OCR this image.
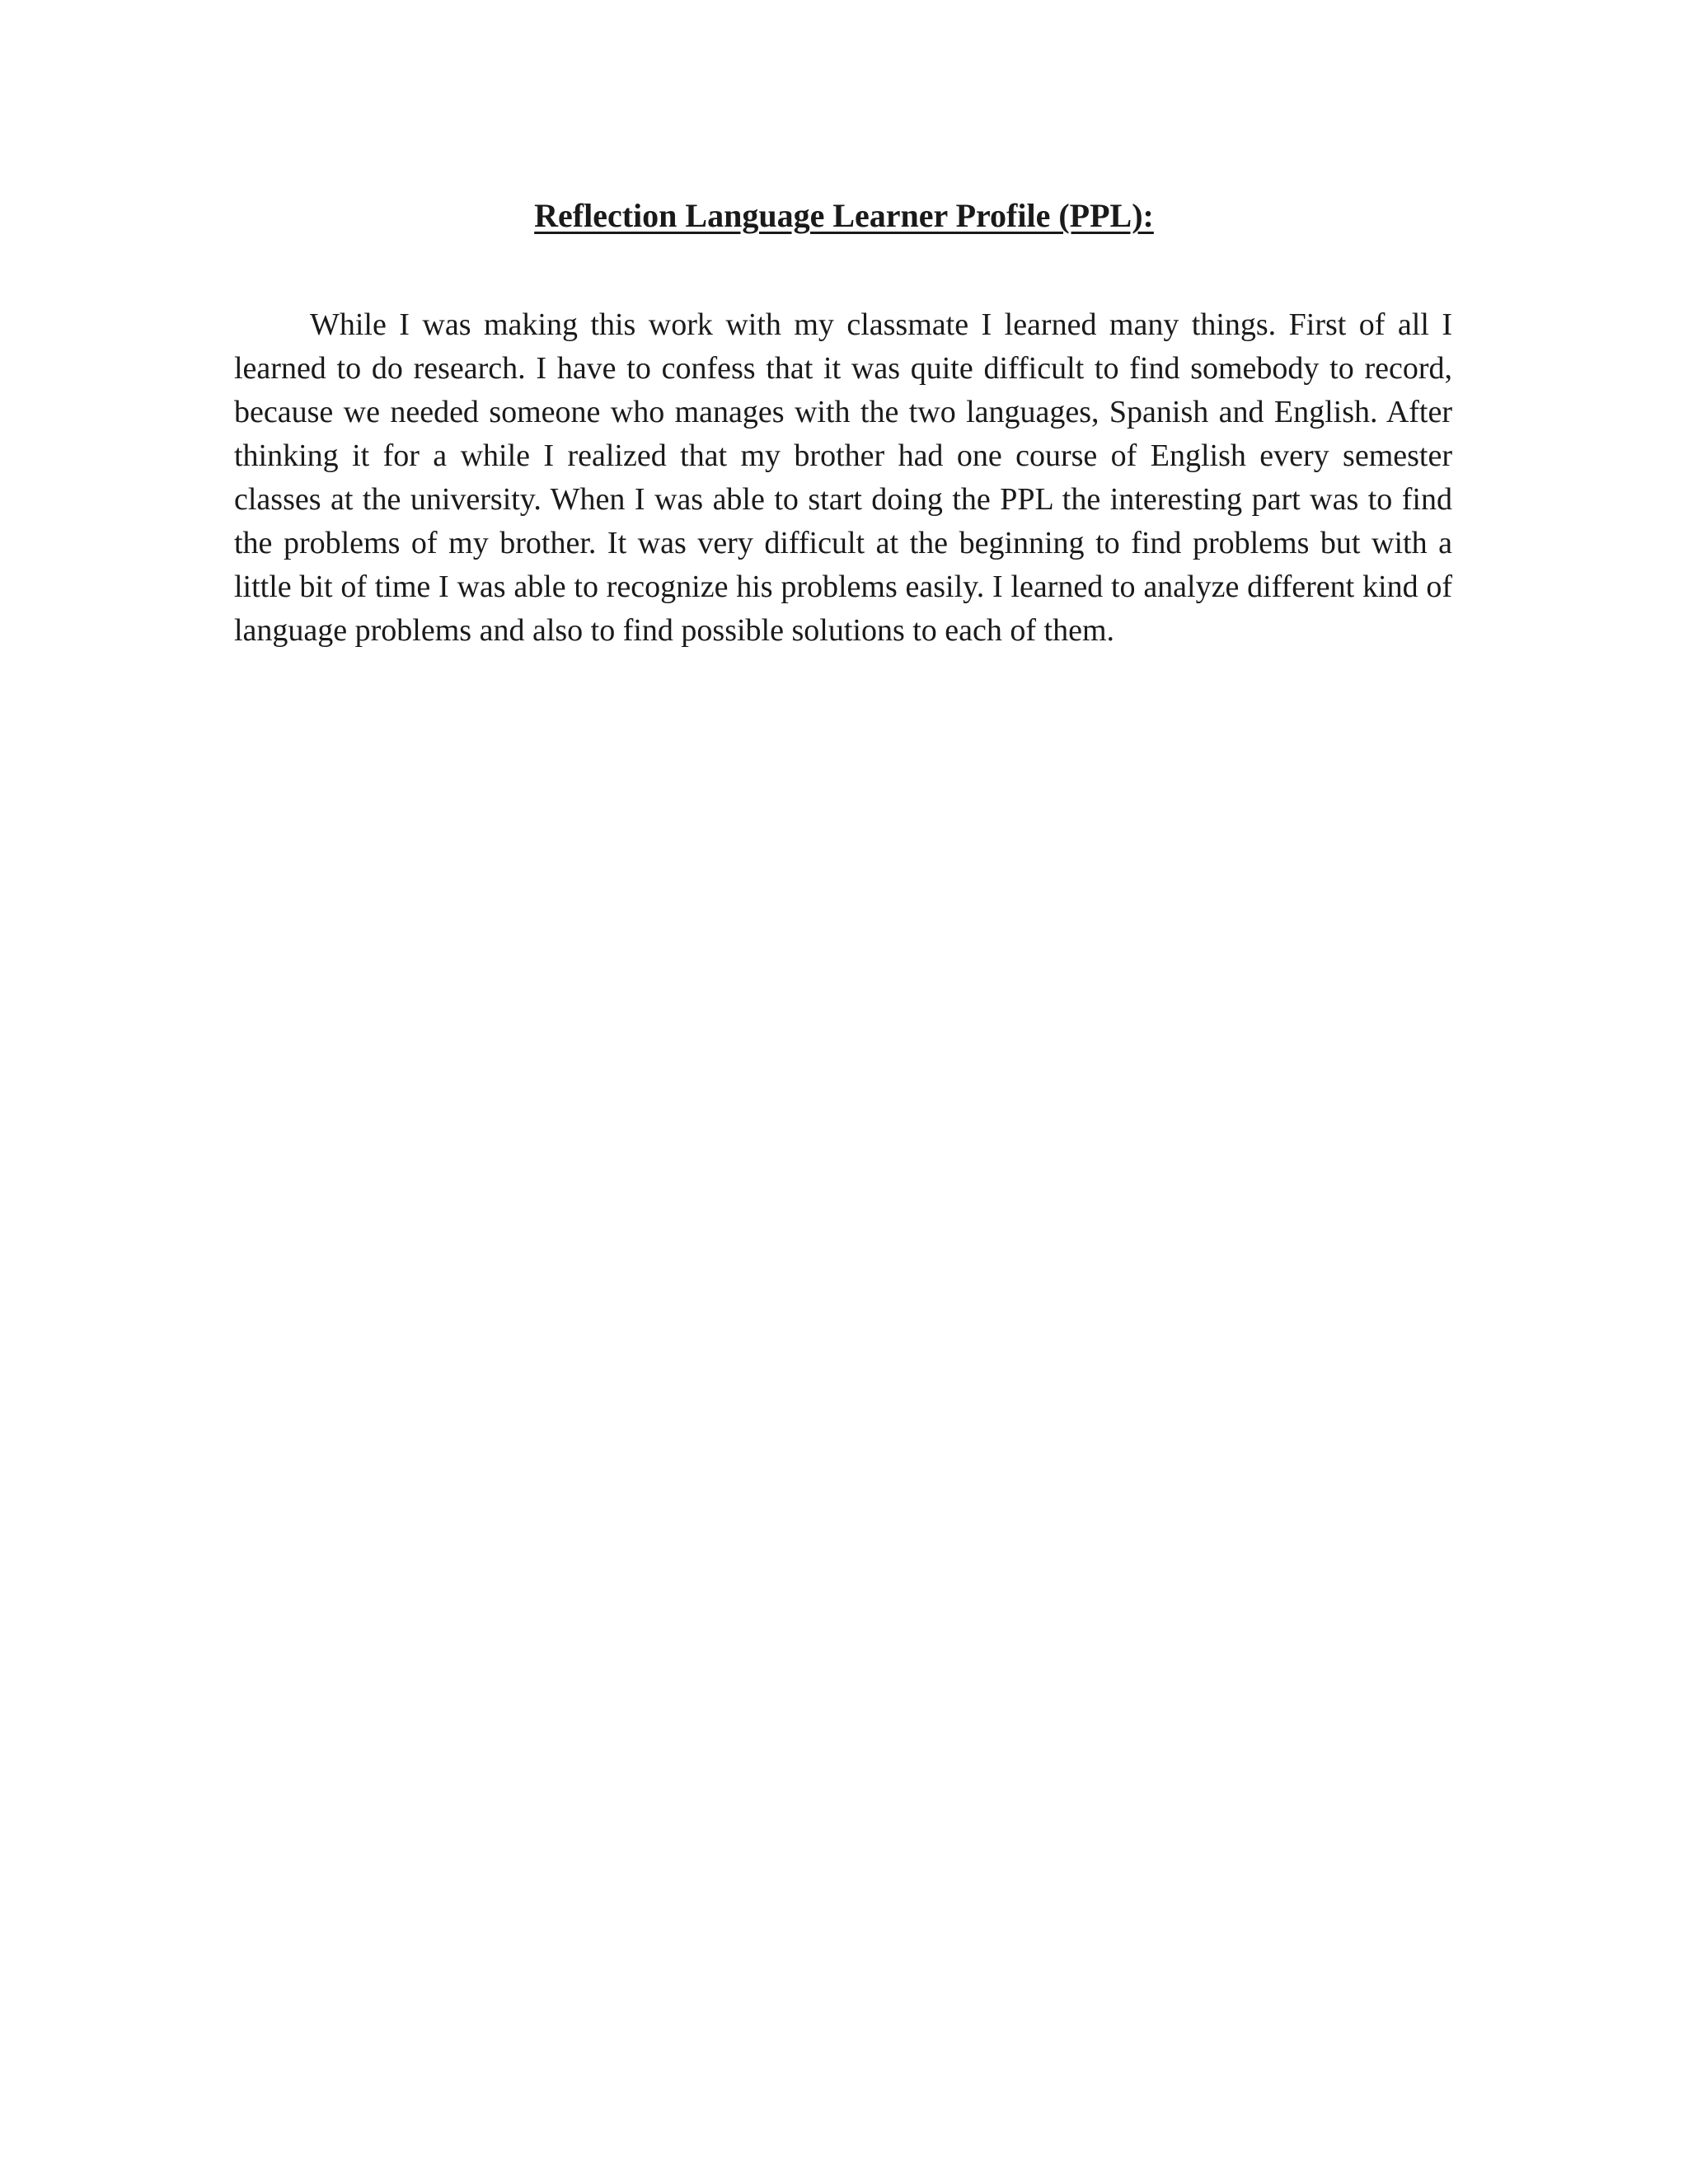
Reflection Language Learner Profile (PPL):

While I was making this work with my classmate I learned many things. First of all I learned to do research. I have to confess that it was quite difficult to find somebody to record, because we needed someone who manages with the two languages, Spanish and English. After thinking it for a while I realized that my brother had one course of English every semester classes at the university. When I was able to start doing the PPL the interesting part was to find the problems of my brother. It was very difficult at the beginning to find problems but with a little bit of time I was able to recognize his problems easily. I learned to analyze different kind of language problems and also to find possible solutions to each of them.
